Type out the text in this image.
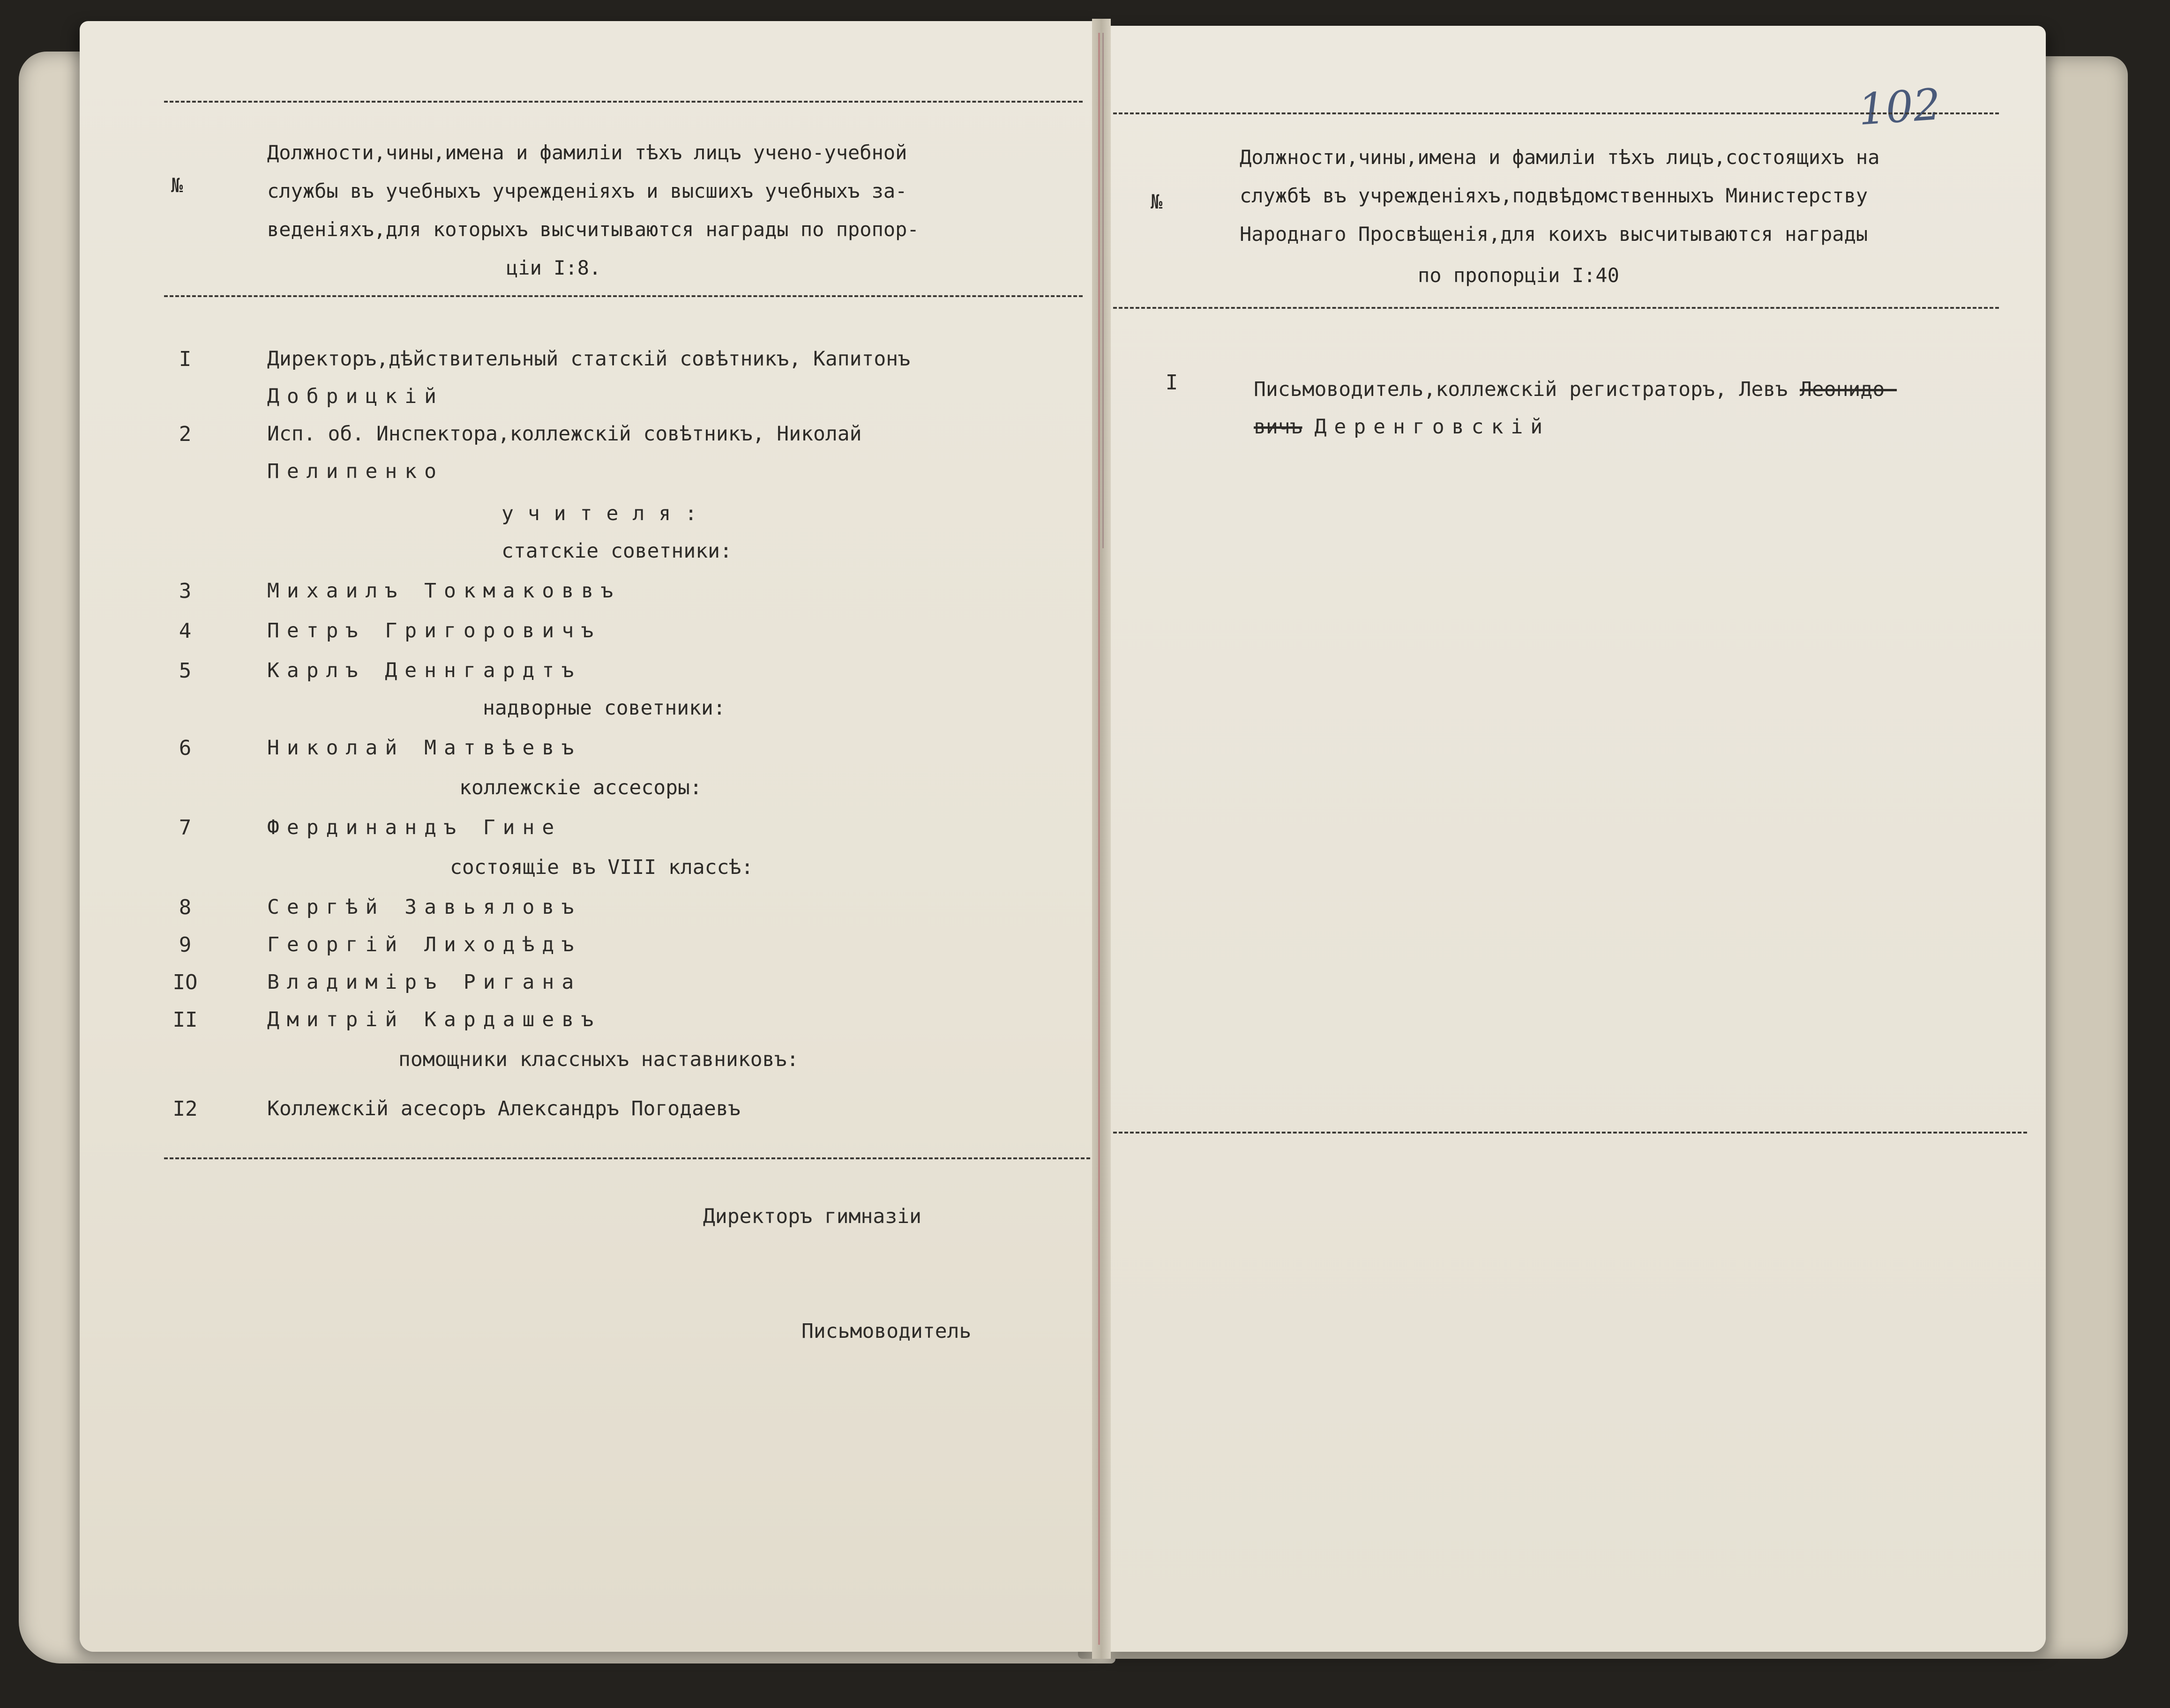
№
Должности,чины,имена и фамилiи тѣхъ лицъ учено-учебной
службы въ учебныхъ учрежденiяхъ и высшихъ учебныхъ за-
веденiяхъ,для которыхъ высчитываются награды по пропор-
цiи I:8.
I	Директоръ,дѣйствительный статскiй совѣтникъ, Капитонъ
Добрицкiй
2	Исп. об. Инспектора,коллежскiй совѣтникъ, Николай
Пелипенко
учителя:
статскiе советники:
3	Михаилъ Токмаковвъ
4	Петръ Григоровичъ
5	Карлъ Деннгардтъ
надворные советники:
6	Николай Матвѣевъ
коллежскiе ассесоры:
7	Фердинандъ Гине
состоящiе въ VIII классѣ:
8	Сергѣй Завьяловъ
9	Георгiй Лиходѣдъ
IO	Владимiръ Ригана
II	Дмитрiй Кардашевъ
помощники классныхъ наставниковъ:
I2	Коллежскiй асесоръ Александръ Погодаевъ
Директоръ гимназiи
Письмоводитель
102
№
Должности,чины,имена и фамилiи тѣхъ лицъ,состоящихъ на
службѣ въ учрежденiяхъ,подвѣдомственныхъ Министерству
Народнаго Просвѣщенiя,для коихъ высчитываются награды
по пропорцiи I:40
I	Письмоводитель,коллежскiй регистраторъ, Левъ Леонидо-
вичъ Деренговскiй
